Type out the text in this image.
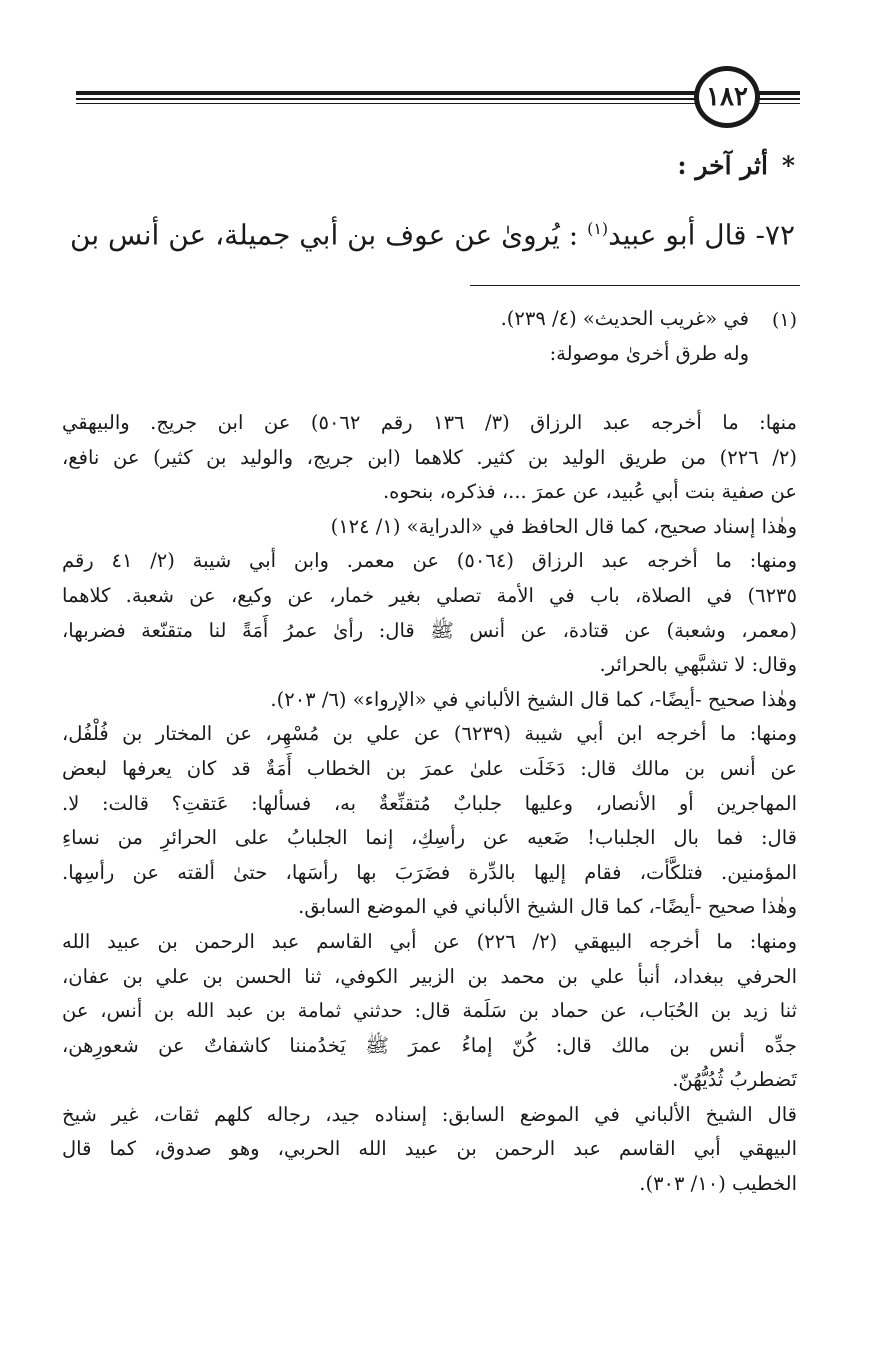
١٨٢
*أثر آخر :
٧٢- قال أبو عبيد$^{(١)}$ : يُروىٰ عن عوف بن أبي جميلة، عن أنس بن
(١)
في «غريب الحديث» (٤/ ٢٣٩).
وله طرق أخرىٰ موصولة:
منها: ما أخرجه عبد الرزاق (٣/ ١٣٦ رقم ٥٠٦٢) عن ابن جريج. والبيهقي
(٢/ ٢٢٦) من طريق الوليد بن كثير. كلاهما (ابن جريج، والوليد بن كثير) عن نافع،
عن صفية بنت أبي عُبيد، عن عمرَ ...، فذكره، بنحوه.
وهٰذا إسناد صحيح، كما قال الحافظ في «الدراية» (١/ ١٢٤)
ومنها: ما أخرجه عبد الرزاق (٥٠٦٤) عن معمر. وابن أبي شيبة (٢/ ٤١ رقم
٦٢٣٥) في الصلاة، باب في الأمة تصلي بغير خمار، عن وكيع، عن شعبة. كلاهما
(معمر، وشعبة) عن قتادة، عن أنس ﷺ قال: رأىٰ عمرُ أَمَةً لنا متقنّعة فضربها،
وقال: لا تشبَّهي بالحرائر.
وهٰذا صحيح -أيضًا-، كما قال الشيخ الألباني في «الإرواء» (٦/ ٢٠٣).
ومنها: ما أخرجه ابن أبي شيبة (٦٢٣٩) عن علي بن مُسْهِر، عن المختار بن فُلْفُل،
عن أنس بن مالك قال: دَخَلَت علىٰ عمرَ بن الخطاب أَمَةٌ قد كان يعرفها لبعض
المهاجرين أو الأنصار، وعليها جلبابٌ مُتقنِّعةٌ به، فسألها: عَتقتِ؟ قالت: لا.
قال: فما بال الجلباب! ضَعيه عن رأسِكِ، إنما الجلبابُ على الحرائرِ من نساءِ
المؤمنين. فتلكَّأت، فقام إليها بالدِّرة فضَرَبَ بها رأسَها، حتىٰ ألقته عن رأسِها.
وهٰذا صحيح -أيضًا-، كما قال الشيخ الألباني في الموضع السابق.
ومنها: ما أخرجه البيهقي (٢/ ٢٢٦) عن أبي القاسم عبد الرحمن بن عبيد الله
الحرفي ببغداد، أنبأ علي بن محمد بن الزبير الكوفي، ثنا الحسن بن علي بن عفان،
ثنا زيد بن الحُبَاب، عن حماد بن سَلَمة قال: حدثني ثمامة بن عبد الله بن أنس، عن
جدِّه أنس بن مالك قال: كُنّ إماءُ عمرَ ﷺ يَخدُمننا كاشفاتٌ عن شعورِهن،
تَضطربُ ثُدُيُّهُنّ.
قال الشيخ الألباني في الموضع السابق: إسناده جيد، رجاله كلهم ثقات، غير شيخ
البيهقي أبي القاسم عبد الرحمن بن عبيد الله الحربي، وهو صدوق، كما قال
الخطيب (١٠/ ٣٠٣).
